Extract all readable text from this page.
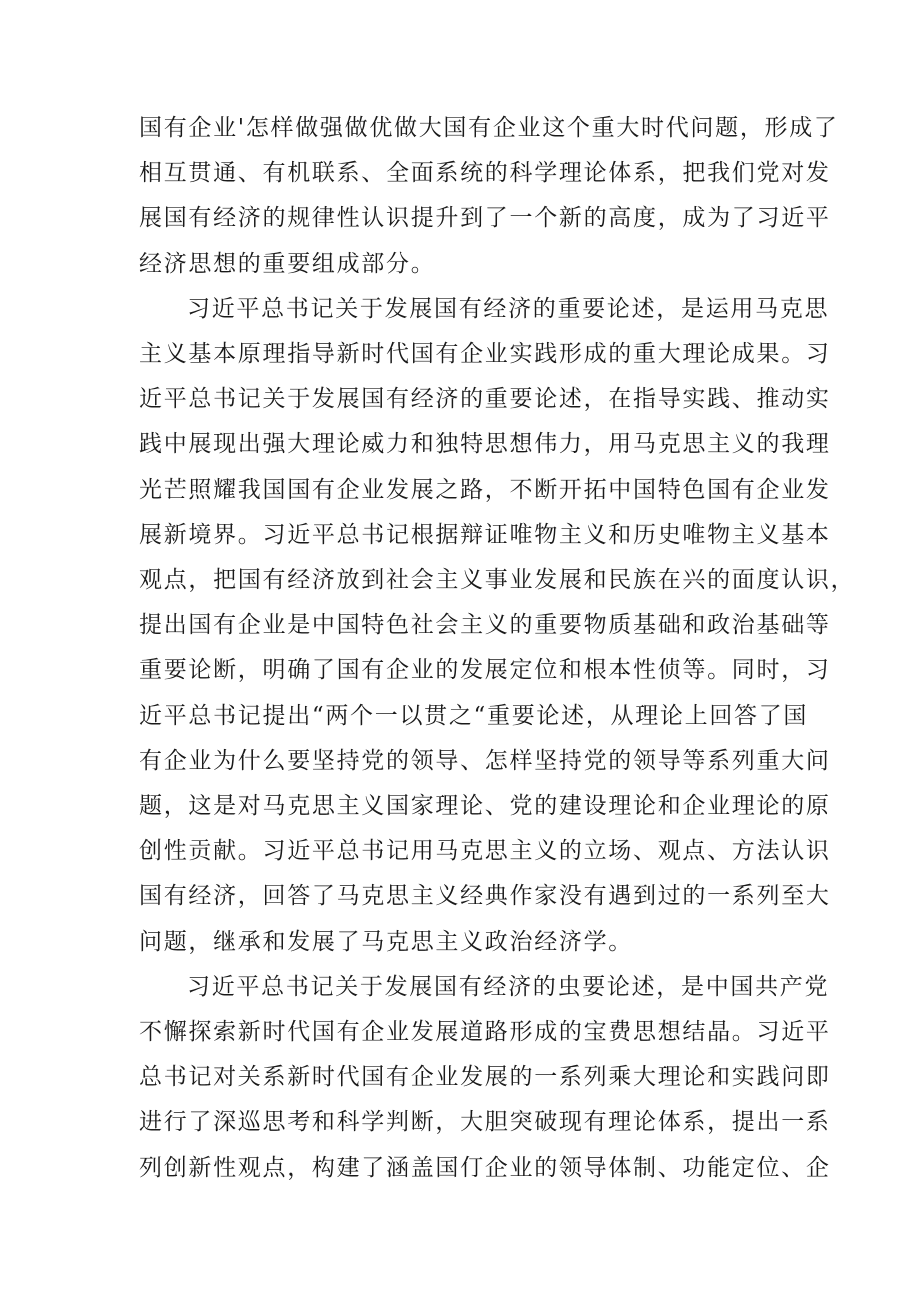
国有企业'怎样做强做优做大国有企业这个重大时代问题，形成了
相互贯通、有机联系、全面系统的科学理论体系，把我们党对发
展国有经济的规律性认识提升到了一个新的高度，成为了习近平
经济思想的重要组成部分。
习近平总书记关于发展国有经济的重要论述，是运用马克思
主义基本原理指导新时代国有企业实践形成的重大理论成果。习
近平总书记关于发展国有经济的重要论述，在指导实践、推动实
践中展现出强大理论威力和独特思想伟力，用马克思主义的我理
光芒照耀我国国有企业发展之路，不断开拓中国特色国有企业发
展新境界。习近平总书记根据辩证唯物主义和历史唯物主义基本
观点，把国有经济放到社会主义事业发展和民族在兴的面度认识，
提出国有企业是中国特色社会主义的重要物质基础和政治基础等
重要论断，明确了国有企业的发展定位和根本性侦等。同时，习
近平总书记提出“两个一以贯之“重要论述，从理论上回答了国
有企业为什么要坚持党的领导、怎样坚持党的领导等系列重大问
题，这是对马克思主义国家理论、党的建设理论和企业理论的原
创性贡献。习近平总书记用马克思主义的立场、观点、方法认识
国有经济，回答了马克思主义经典作家没有遇到过的一系列至大
问题，继承和发展了马克思主义政治经济学。
习近平总书记关于发展国有经济的虫要论述，是中国共产党
不懈探索新时代国有企业发展道路形成的宝费思想结晶。习近平
总书记对关系新时代国有企业发展的一系列乘大理论和实践问即
进行了深巡思考和科学判断，大胆突破现有理论体系，提出一系
列创新性观点，构建了涵盖国仃企业的领导体制、功能定位、企
